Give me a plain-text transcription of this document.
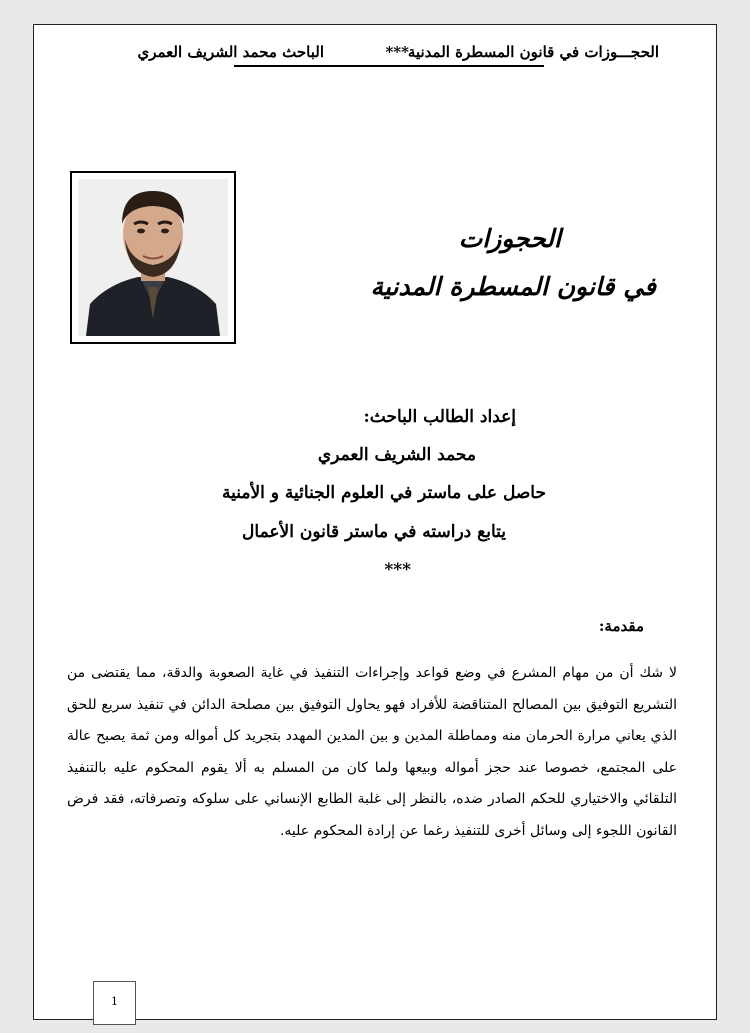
الحجـــوزات في قانون المسطرة المدنية
***
الباحث محمد الشريف العمري
الحجوزات
في قانون المسطرة المدنية
إعداد الطالب الباحث:
محمد الشريف العمري
حاصل على ماستر في العلوم الجنائية و الأمنية
يتابع دراسته في ماستر قانون الأعمال
***
مقدمة:
لا شك أن من مهام المشرع في وضع قواعد وإجراءات التنفيذ في غاية الصعوبة والدقة، مما يقتضى من التشريع التوفيق بين المصالح المتناقضة للأفراد فهو يحاول التوفيق بين مصلحة الدائن في تنفيذ سريع للحق الذي يعاني مرارة الحرمان منه ومماطلة المدين و بين المدين المهدد بتجريد كل أمواله ومن ثمة يصبح عالة على المجتمع، خصوصا عند حجز أمواله وبيعها ولما كان من المسلم به ألا يقوم المحكوم عليه بالتنفيذ التلقائي والاختياري للحكم الصادر ضده، بالنظر إلى غلبة الطابع الإنساني على سلوكه وتصرفاته، فقد فرض القانون اللجوء إلى وسائل أخرى للتنفيذ رغما عن إرادة المحكوم عليه.
1
